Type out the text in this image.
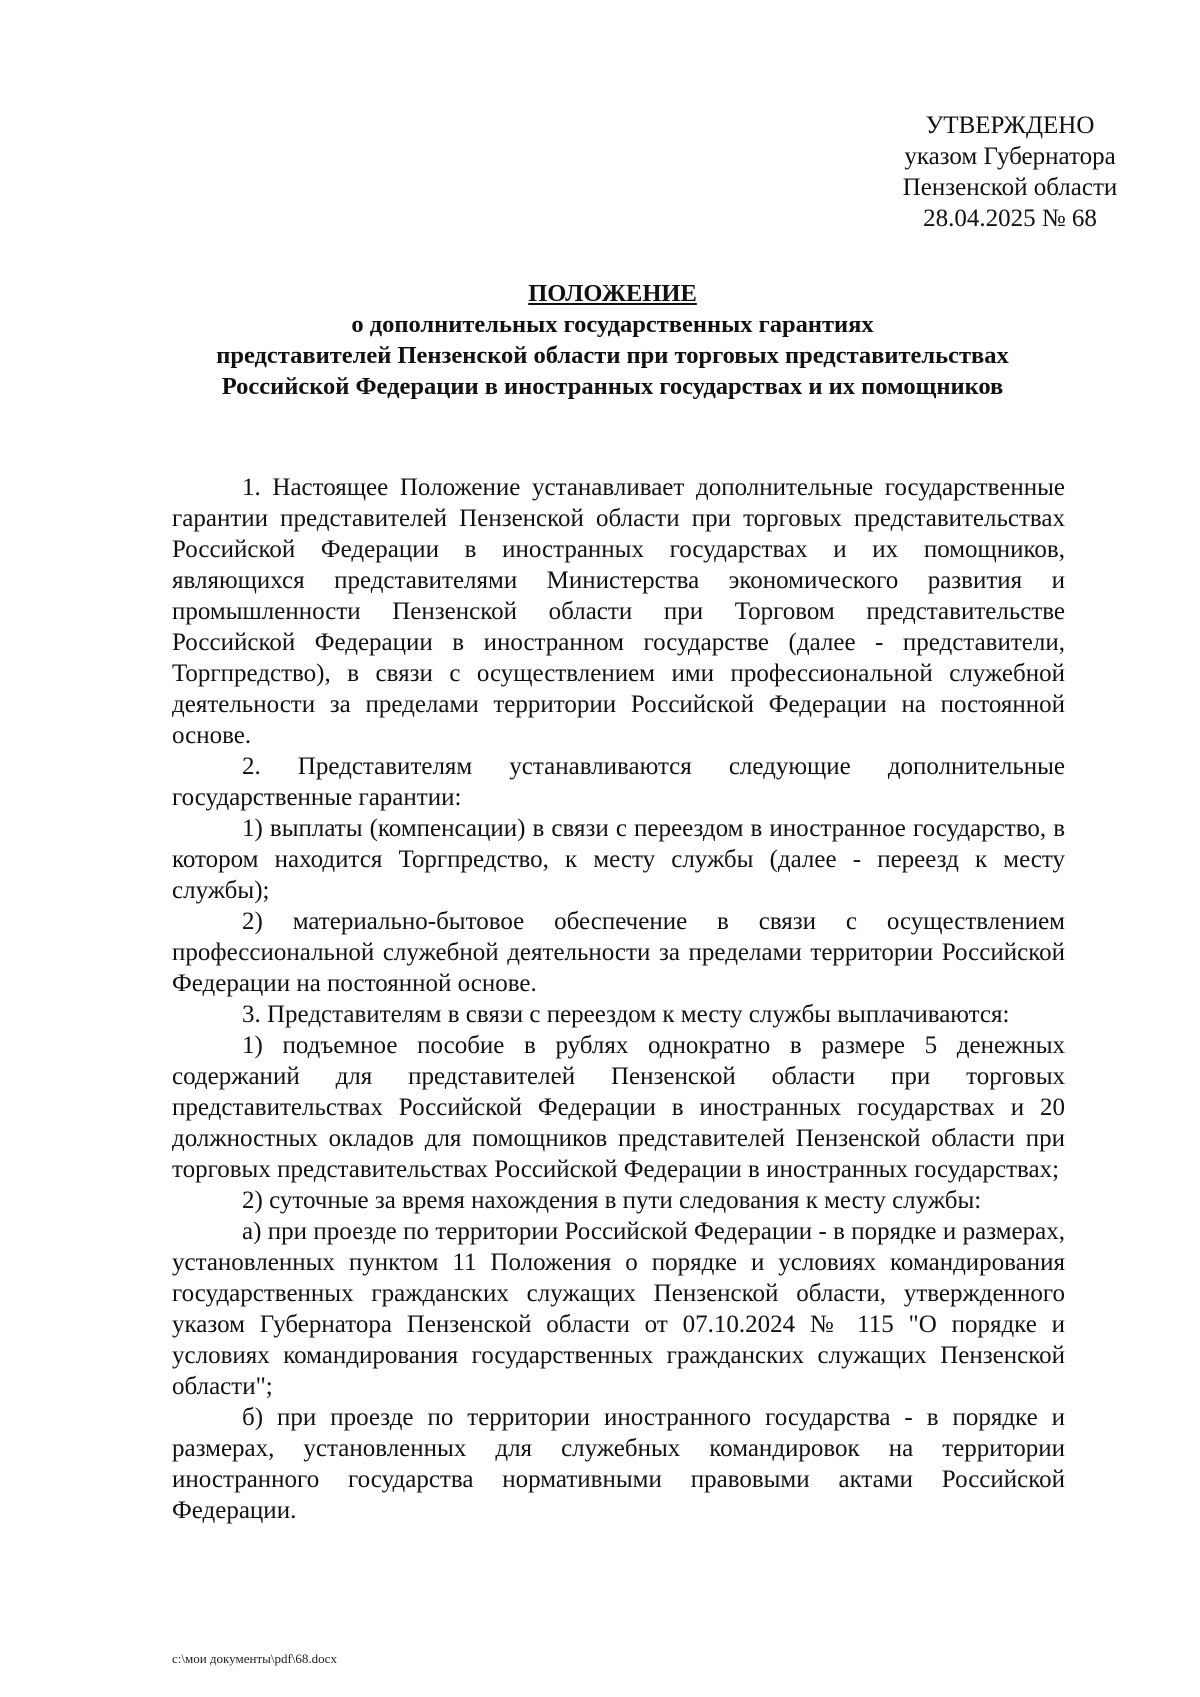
УТВЕРЖДЕНО
указом Губернатора
Пензенской области
28.04.2025 № 68
ПОЛОЖЕНИЕ
о дополнительных государственных гарантиях
представителей Пензенской области при торговых представительствах
Российской Федерации в иностранных государствах и их помощников

1. Настоящее Положение устанавливает дополнительные государственные гарантии представителей Пензенской области при торговых представительствах Российской Федерации в иностранных государствах и их помощников, являющихся представителями Министерства экономического развития и промышленности Пензенской области при Торговом представительстве Российской Федерации в иностранном государстве (далее - представители, Торгпредство), в связи с осуществлением ими профессиональной служебной деятельности за пределами территории Российской Федерации на постоянной основе.

2. Представителям устанавливаются следующие дополнительные государственные гарантии:

1) выплаты (компенсации) в связи с переездом в иностранное государство, в котором находится Торгпредство, к месту службы (далее - переезд к месту службы);

2) материально-бытовое обеспечение в связи с осуществлением профессиональной служебной деятельности за пределами территории Российской Федерации на постоянной основе.

3. Представителям в связи с переездом к месту службы выплачиваются:

1) подъемное пособие в рублях однократно в размере 5 денежных содержаний для представителей Пензенской области при торговых представительствах Российской Федерации в иностранных государствах и 20 должностных окладов для помощников представителей Пензенской области при торговых представительствах Российской Федерации в иностранных государствах;

2) суточные за время нахождения в пути следования к месту службы:

а) при проезде по территории Российской Федерации - в порядке и размерах, установленных пунктом 11 Положения о порядке и условиях командирования государственных гражданских служащих Пензенской области, утвержденного указом Губернатора Пензенской области от 07.10.2024 № 115 "О порядке и условиях командирования государственных гражданских служащих Пензенской области";

б) при проезде по территории иностранного государства - в порядке и размерах, установленных для служебных командировок на территории иностранного государства нормативными правовыми актами Российской Федерации.

c:\мои документы\pdf\68.docx
